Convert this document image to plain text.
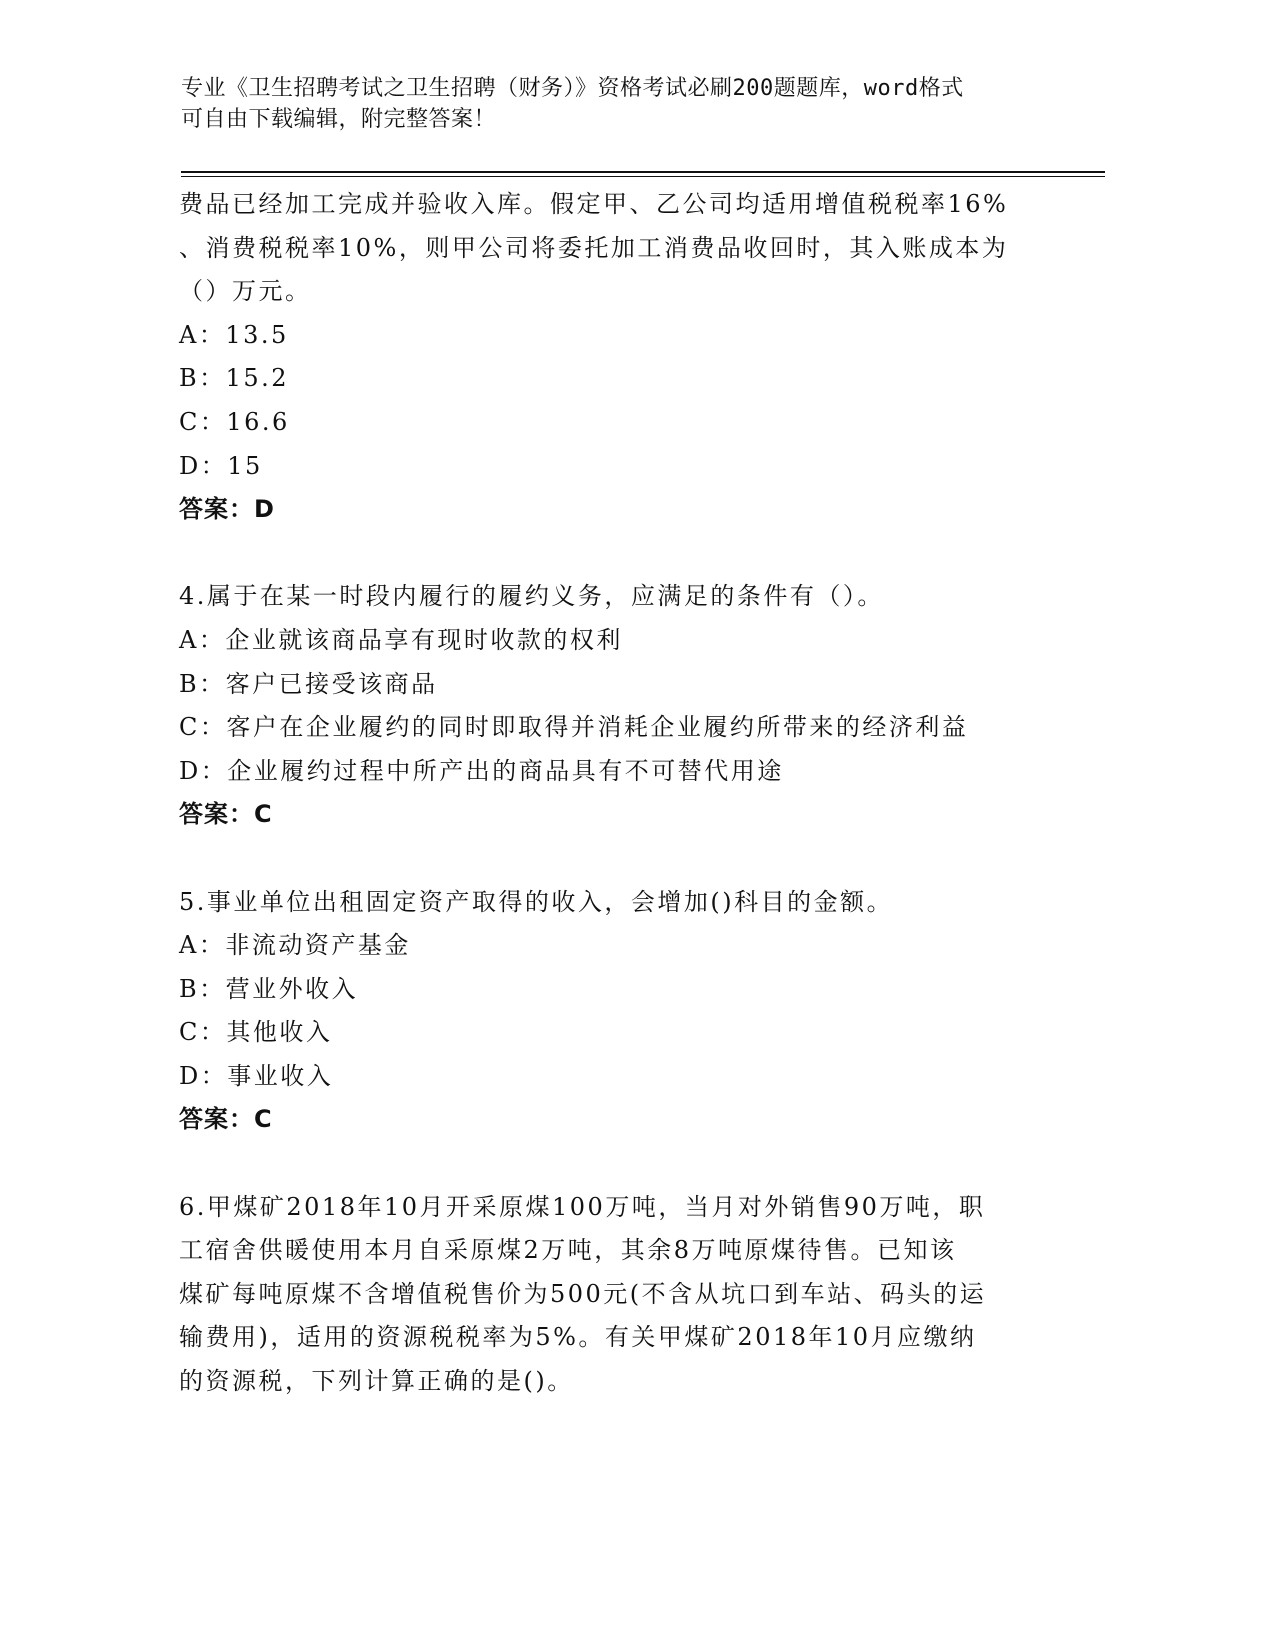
专业《卫生招聘考试之卫生招聘（财务）》资格考试必刷200题题库，word格式
可自由下载编辑，附完整答案！
费品已经加工完成并验收入库。假定甲、乙公司均适用增值税税率16%
、消费税税率10%，则甲公司将委托加工消费品收回时，其入账成本为
（）万元。
A：13.5
B：15.2
C：16.6
D：15
答案：D
4.属于在某一时段内履行的履约义务，应满足的条件有（）。
A：企业就该商品享有现时收款的权利
B：客户已接受该商品
C：客户在企业履约的同时即取得并消耗企业履约所带来的经济利益
D：企业履约过程中所产出的商品具有不可替代用途
答案：C
5.事业单位出租固定资产取得的收入，会增加()科目的金额。
A：非流动资产基金
B：营业外收入
C：其他收入
D：事业收入
答案：C
6.甲煤矿2018年10月开采原煤100万吨，当月对外销售90万吨，职
工宿舍供暖使用本月自采原煤2万吨，其余8万吨原煤待售。已知该
煤矿每吨原煤不含增值税售价为500元(不含从坑口到车站、码头的运
输费用)，适用的资源税税率为5%。有关甲煤矿2018年10月应缴纳
的资源税，下列计算正确的是()。
